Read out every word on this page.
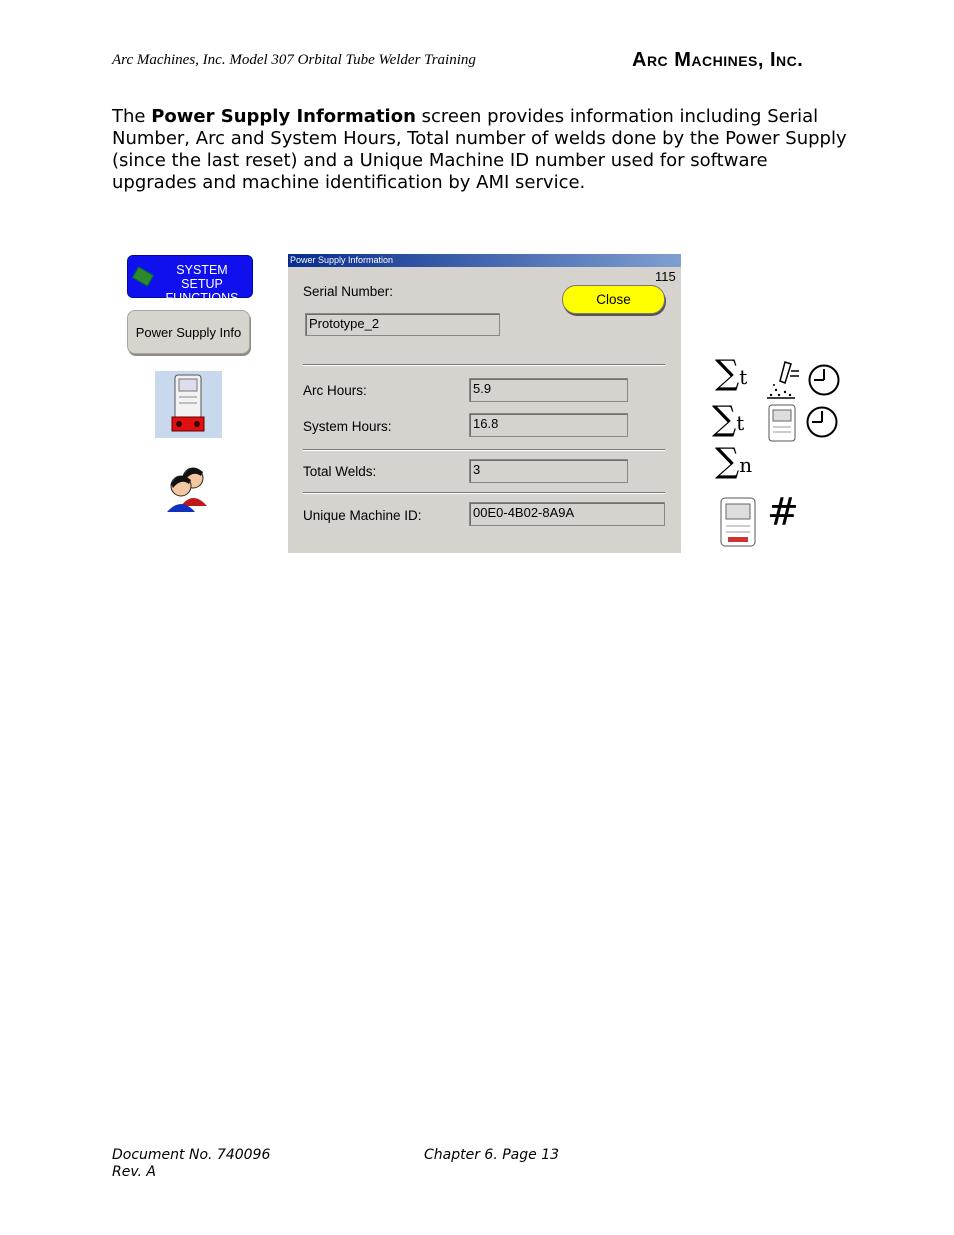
Arc Machines, Inc. Model 307 Orbital Tube Welder Training	Arc Machines, Inc.
The Power Supply Information screen provides information including Serial Number, Arc and System Hours, Total number of welds done by the Power Supply (since the last reset) and a Unique Machine ID number used for software upgrades and machine identification by AMI service.
SYSTEM SETUP
FUNCTIONS
Power Supply Info
Power Supply Information
115
Serial Number:
Close
Prototype_2
Arc Hours:	5.9
System Hours:	16.8
Total Welds:	3
Unique Machine ID:	00E0-4B02-8A9A
∑t
∑t
∑n
#
Document No. 740096
Rev. A
Chapter 6. Page 13
